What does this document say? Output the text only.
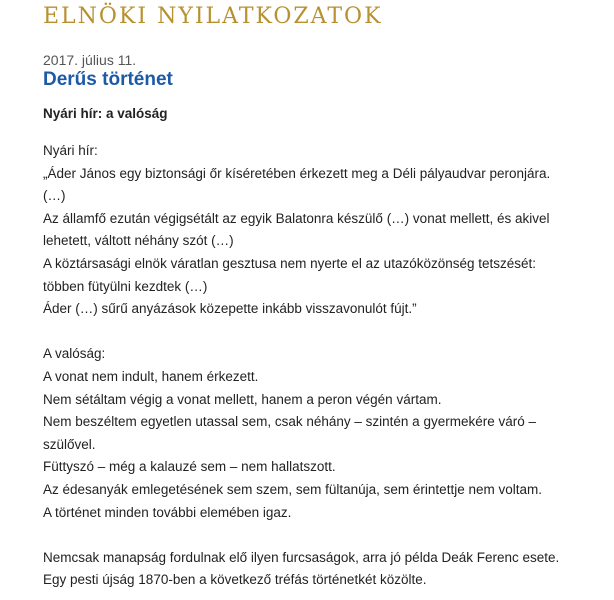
ELNÖKI NYILATKOZATOK
2017. július 11.
Derűs történet

Nyári hír: a valóság

Nyári hír:
„Áder János egy biztonsági őr kíséretében érkezett meg a Déli pályaudvar peronjára.
(…)
Az államfő ezután végigsétált az egyik Balatonra készülő (…) vonat mellett, és akivel
lehetett, váltott néhány szót (…)
A köztársasági elnök váratlan gesztusa nem nyerte el az utazóközönség tetszését:
többen fütyülni kezdtek (…)
Áder (…) sűrű anyázások közepette inkább visszavonulót fújt.”
A valóság:
A vonat nem indult, hanem érkezett.
Nem sétáltam végig a vonat mellett, hanem a peron végén vártam.
Nem beszéltem egyetlen utassal sem, csak néhány – szintén a gyermekére váró –
szülővel.
Füttyszó – még a kalauzé sem – nem hallatszott.
Az édesanyák emlegetésének sem szem, sem fültanúja, sem érintettje nem voltam.
A történet minden további elemében igaz.
Nemcsak manapság fordulnak elő ilyen furcsaságok, arra jó példa Deák Ferenc esete.
Egy pesti újság 1870-ben a következő tréfás történetkét közölte.
